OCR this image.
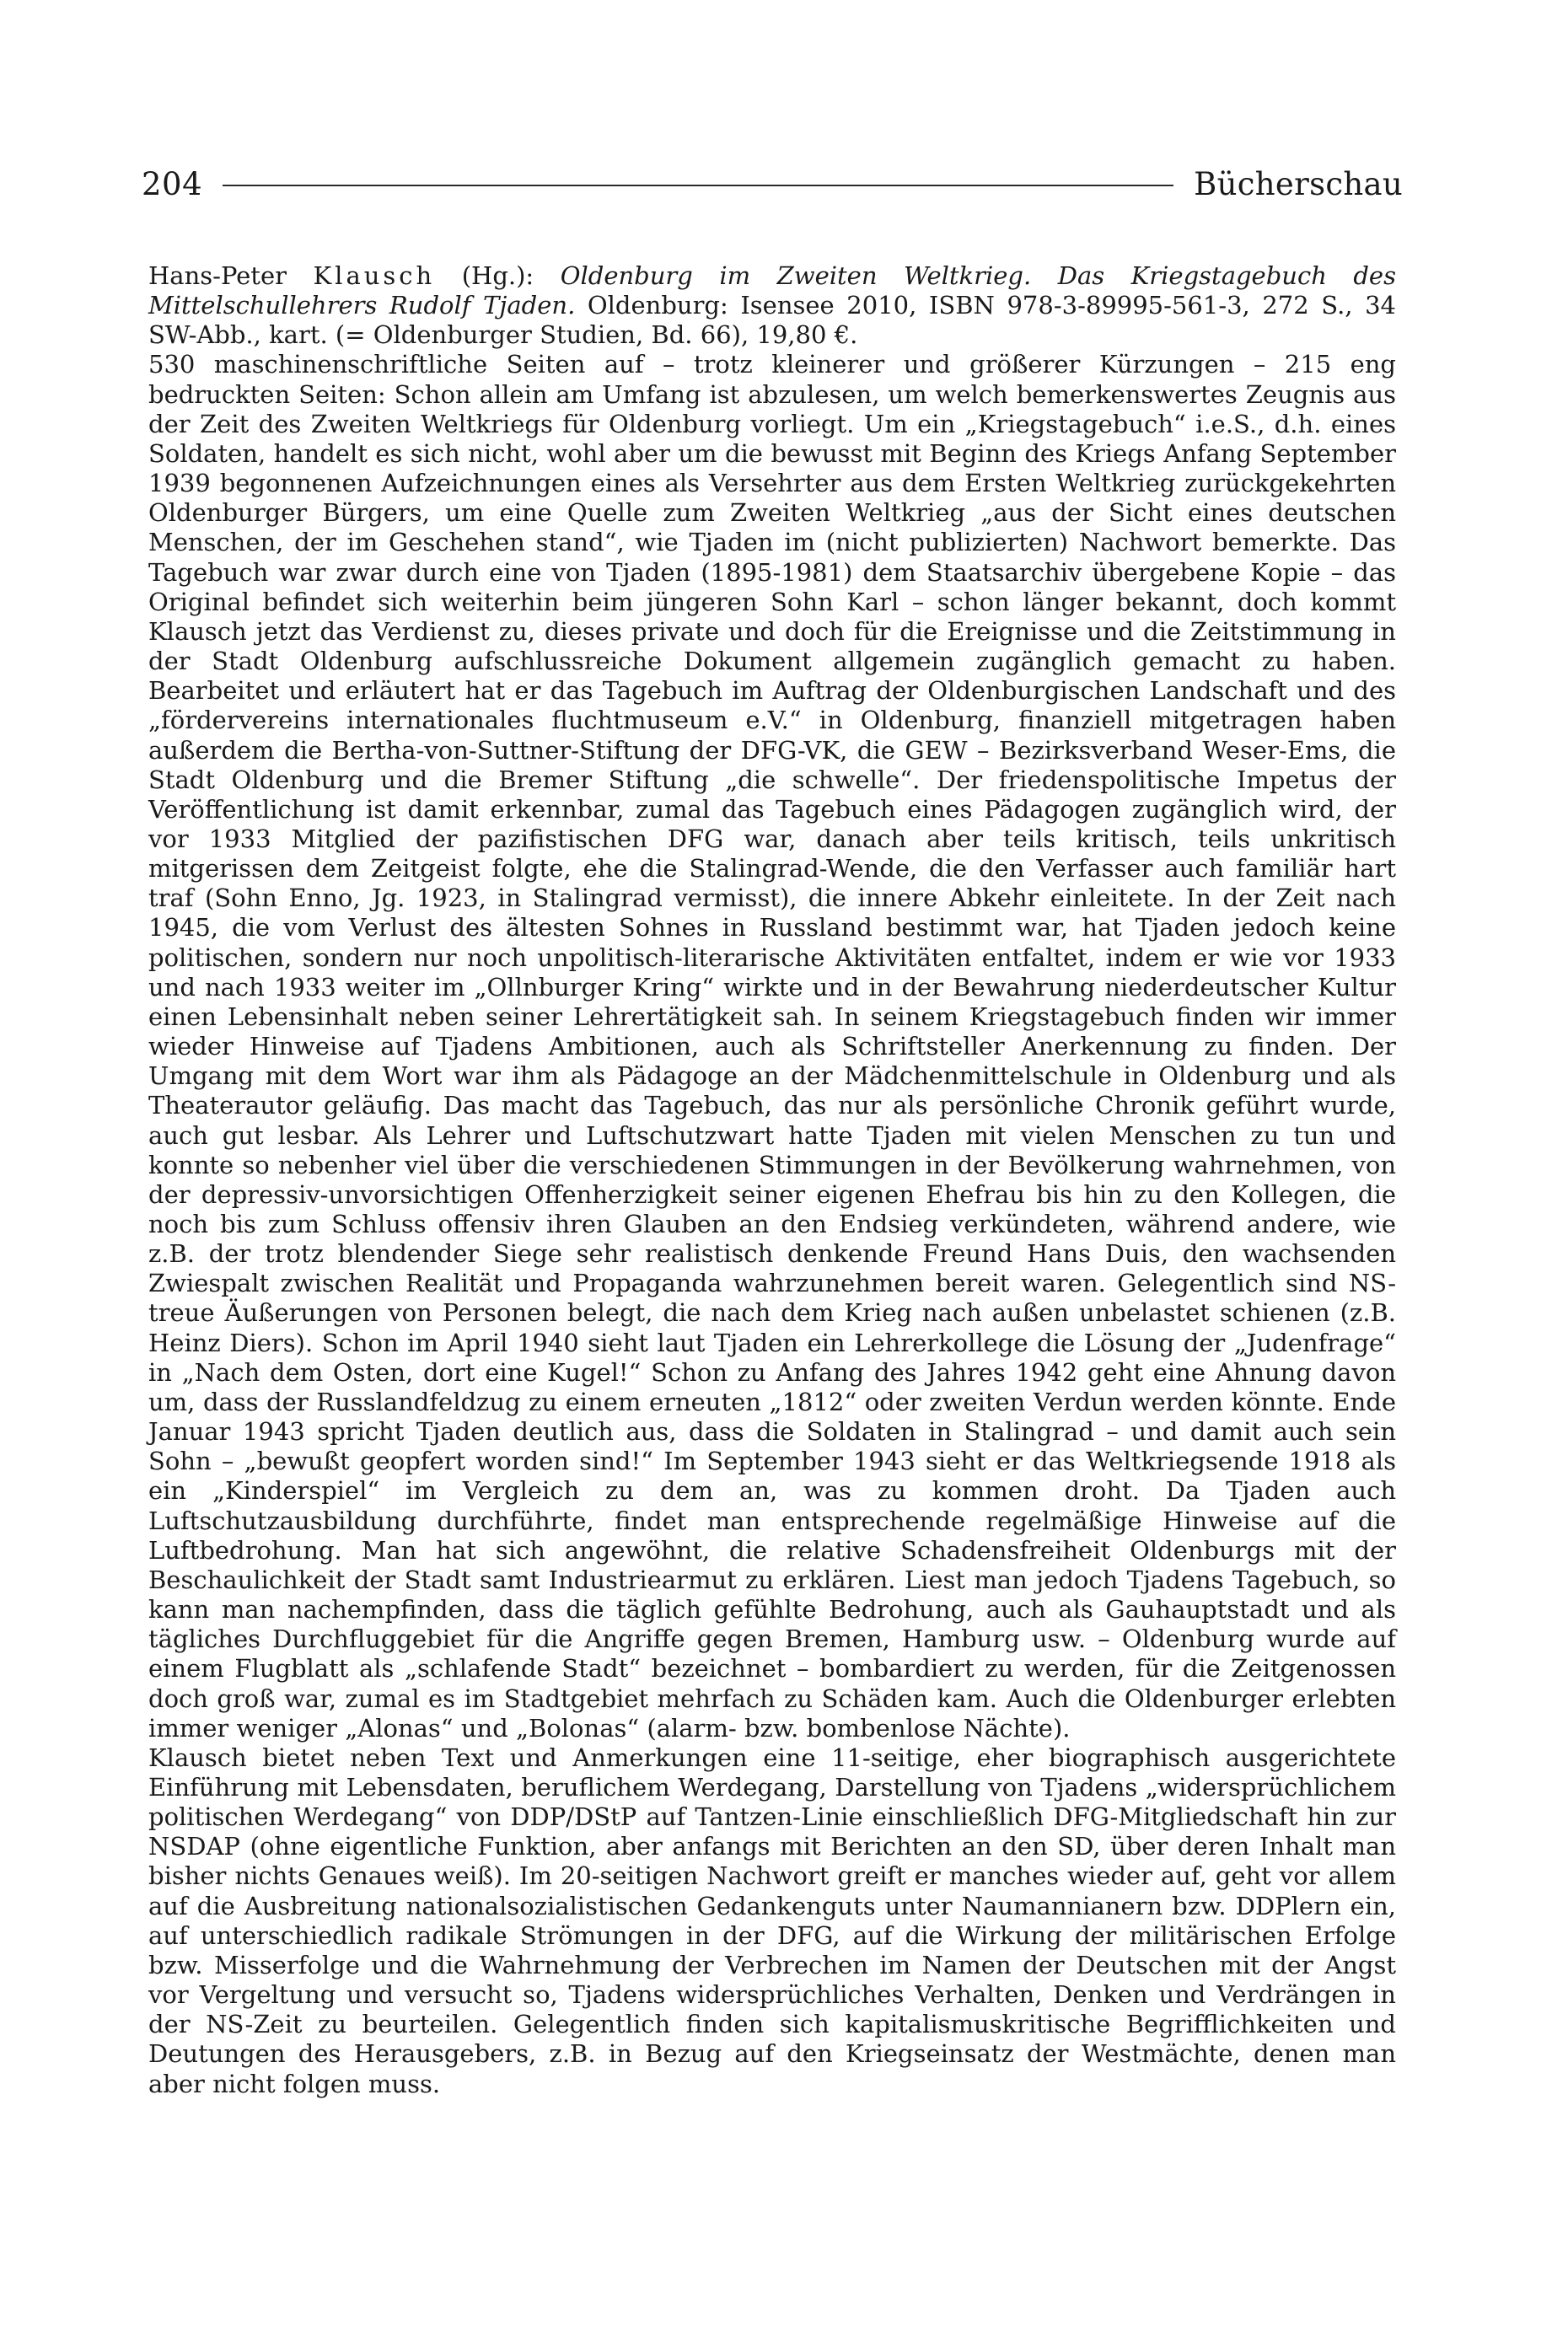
204	Bücherschau

Hans-Peter Klausch (Hg.): Oldenburg im Zweiten Weltkrieg. Das Kriegstagebuch des Mittelschullehrers Rudolf Tjaden. Oldenburg: Isensee 2010, ISBN 978-3-89995-561-3, 272 S., 34 SW-Abb., kart. (= Oldenburger Studien, Bd. 66), 19,80 €.

530 maschinenschriftliche Seiten auf – trotz kleinerer und größerer Kürzungen – 215 eng bedruckten Seiten: Schon allein am Umfang ist abzulesen, um welch bemerkenswertes Zeugnis aus der Zeit des Zweiten Weltkriegs für Oldenburg vorliegt. Um ein „Kriegstagebuch“ i.e.S., d.h. eines Soldaten, handelt es sich nicht, wohl aber um die bewusst mit Beginn des Kriegs Anfang September 1939 begonnenen Aufzeichnungen eines als Versehrter aus dem Ersten Weltkrieg zurückgekehrten Oldenburger Bürgers, um eine Quelle zum Zweiten Weltkrieg „aus der Sicht eines deutschen Menschen, der im Geschehen stand“, wie Tjaden im (nicht publizierten) Nachwort bemerkte. Das Tagebuch war zwar durch eine von Tjaden (1895-1981) dem Staatsarchiv übergebene Kopie – das Original befindet sich weiterhin beim jüngeren Sohn Karl – schon länger bekannt, doch kommt Klausch jetzt das Verdienst zu, dieses private und doch für die Ereignisse und die Zeitstimmung in der Stadt Oldenburg aufschlussreiche Dokument allgemein zugänglich gemacht zu haben. Bearbeitet und erläutert hat er das Tagebuch im Auftrag der Oldenburgischen Landschaft und des „fördervereins internationales fluchtmuseum e.V.“ in Oldenburg, finanziell mitgetragen haben außerdem die Bertha-von-Suttner-Stiftung der DFG-VK, die GEW – Bezirksverband Weser-Ems, die Stadt Oldenburg und die Bremer Stiftung „die schwelle“. Der friedenspolitische Impetus der Veröffentlichung ist damit erkennbar, zumal das Tagebuch eines Pädagogen zugänglich wird, der vor 1933 Mitglied der pazifistischen DFG war, danach aber teils kritisch, teils unkritisch mitgerissen dem Zeitgeist folgte, ehe die Stalingrad-Wende, die den Verfasser auch familiär hart traf (Sohn Enno, Jg. 1923, in Stalingrad vermisst), die innere Abkehr einleitete. In der Zeit nach 1945, die vom Verlust des ältesten Sohnes in Russland bestimmt war, hat Tjaden jedoch keine politischen, sondern nur noch unpolitisch-literarische Aktivitäten entfaltet, indem er wie vor 1933 und nach 1933 weiter im „Ollnburger Kring“ wirkte und in der Bewahrung niederdeutscher Kultur einen Lebensinhalt neben seiner Lehrertätigkeit sah. In seinem Kriegstagebuch finden wir immer wieder Hinweise auf Tjadens Ambitionen, auch als Schriftsteller Anerkennung zu finden. Der Umgang mit dem Wort war ihm als Pädagoge an der Mädchenmittelschule in Oldenburg und als Theaterautor geläufig. Das macht das Tagebuch, das nur als persönliche Chronik geführt wurde, auch gut lesbar. Als Lehrer und Luftschutzwart hatte Tjaden mit vielen Menschen zu tun und konnte so nebenher viel über die verschiedenen Stimmungen in der Bevölkerung wahrnehmen, von der depressiv-unvorsichtigen Offenherzigkeit seiner eigenen Ehefrau bis hin zu den Kollegen, die noch bis zum Schluss offensiv ihren Glauben an den Endsieg verkündeten, während andere, wie z.B. der trotz blendender Siege sehr realistisch denkende Freund Hans Duis, den wachsenden Zwiespalt zwischen Realität und Propaganda wahrzunehmen bereit waren. Gelegentlich sind NS-treue Äußerungen von Personen belegt, die nach dem Krieg nach außen unbelastet schienen (z.B. Heinz Diers). Schon im April 1940 sieht laut Tjaden ein Lehrerkollege die Lösung der „Judenfrage“ in „Nach dem Osten, dort eine Kugel!“ Schon zu Anfang des Jahres 1942 geht eine Ahnung davon um, dass der Russlandfeldzug zu einem erneuten „1812“ oder zweiten Verdun werden könnte. Ende Januar 1943 spricht Tjaden deutlich aus, dass die Soldaten in Stalingrad – und damit auch sein Sohn – „bewußt geopfert worden sind!“ Im September 1943 sieht er das Weltkriegsende 1918 als ein „Kinderspiel“ im Vergleich zu dem an, was zu kommen droht. Da Tjaden auch Luftschutzausbildung durchführte, findet man entsprechende regelmäßige Hinweise auf die Luftbedrohung. Man hat sich angewöhnt, die relative Schadensfreiheit Oldenburgs mit der Beschaulichkeit der Stadt samt Industriearmut zu erklären. Liest man jedoch Tjadens Tagebuch, so kann man nachempfinden, dass die täglich gefühlte Bedrohung, auch als Gauhauptstadt und als tägliches Durchfluggebiet für die Angriffe gegen Bremen, Hamburg usw. – Oldenburg wurde auf einem Flugblatt als „schlafende Stadt“ bezeichnet – bombardiert zu werden, für die Zeitgenossen doch groß war, zumal es im Stadtgebiet mehrfach zu Schäden kam. Auch die Oldenburger erlebten immer weniger „Alonas“ und „Bolonas“ (alarm- bzw. bombenlose Nächte).

Klausch bietet neben Text und Anmerkungen eine 11-seitige, eher biographisch ausgerichtete Einführung mit Lebensdaten, beruflichem Werdegang, Darstellung von Tjadens „widersprüchlichem politischen Werdegang“ von DDP/DStP auf Tantzen-Linie einschließlich DFG-Mitgliedschaft hin zur NSDAP (ohne eigentliche Funktion, aber anfangs mit Berichten an den SD, über deren Inhalt man bisher nichts Genaues weiß). Im 20-seitigen Nachwort greift er manches wieder auf, geht vor allem auf die Ausbreitung nationalsozialistischen Gedankenguts unter Naumannianern bzw. DDPlern ein, auf unterschiedlich radikale Strömungen in der DFG, auf die Wirkung der militärischen Erfolge bzw. Misserfolge und die Wahrnehmung der Verbrechen im Namen der Deutschen mit der Angst vor Vergeltung und versucht so, Tjadens widersprüchliches Verhalten, Denken und Verdrängen in der NS-Zeit zu beurteilen. Gelegentlich finden sich kapitalismuskritische Begrifflichkeiten und Deutungen des Herausgebers, z.B. in Bezug auf den Kriegseinsatz der Westmächte, denen man aber nicht folgen muss.
